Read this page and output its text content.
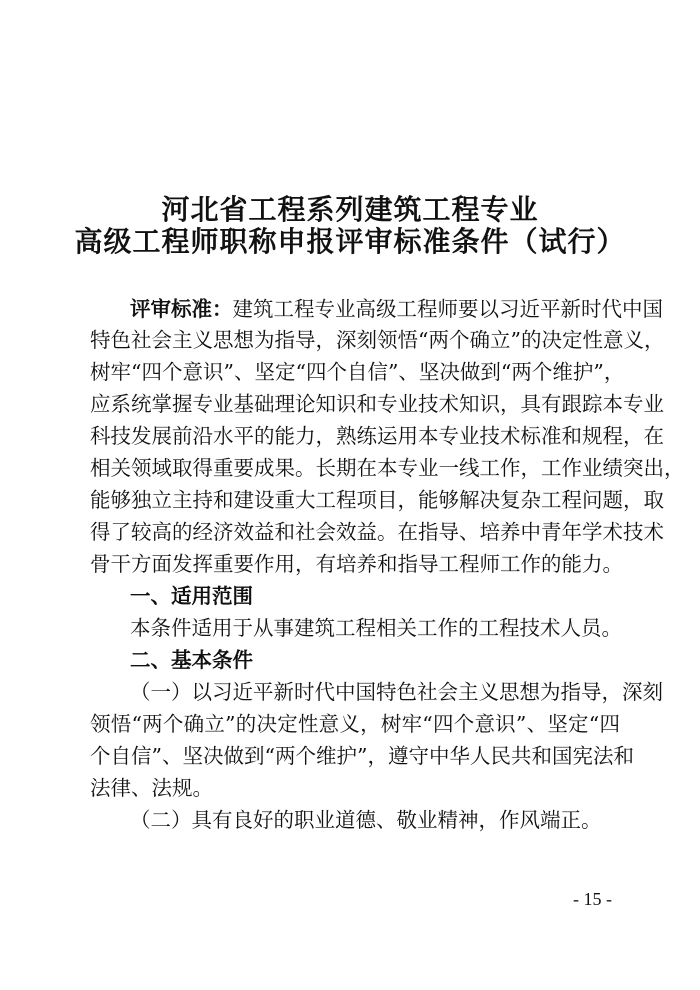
河北省工程系列建筑工程专业
高级工程师职称申报评审标准条件（试行）
评审标准：建筑工程专业高级工程师要以习近平新时代中国
特色社会主义思想为指导，深刻领悟“两个确立”的决定性意义，
树牢“四个意识”、坚定“四个自信”、坚决做到“两个维护”，
应系统掌握专业基础理论知识和专业技术知识，具有跟踪本专业
科技发展前沿水平的能力，熟练运用本专业技术标准和规程，在
相关领域取得重要成果。长期在本专业一线工作，工作业绩突出，
能够独立主持和建设重大工程项目，能够解决复杂工程问题，取
得了较高的经济效益和社会效益。在指导、培养中青年学术技术
骨干方面发挥重要作用，有培养和指导工程师工作的能力。
一、适用范围
本条件适用于从事建筑工程相关工作的工程技术人员。
二、基本条件
（一）以习近平新时代中国特色社会主义思想为指导，深刻
领悟“两个确立”的决定性意义，树牢“四个意识”、坚定“四
个自信”、坚决做到“两个维护”，遵守中华人民共和国宪法和
法律、法规。
（二）具有良好的职业道德、敬业精神，作风端正。
- 15 -
